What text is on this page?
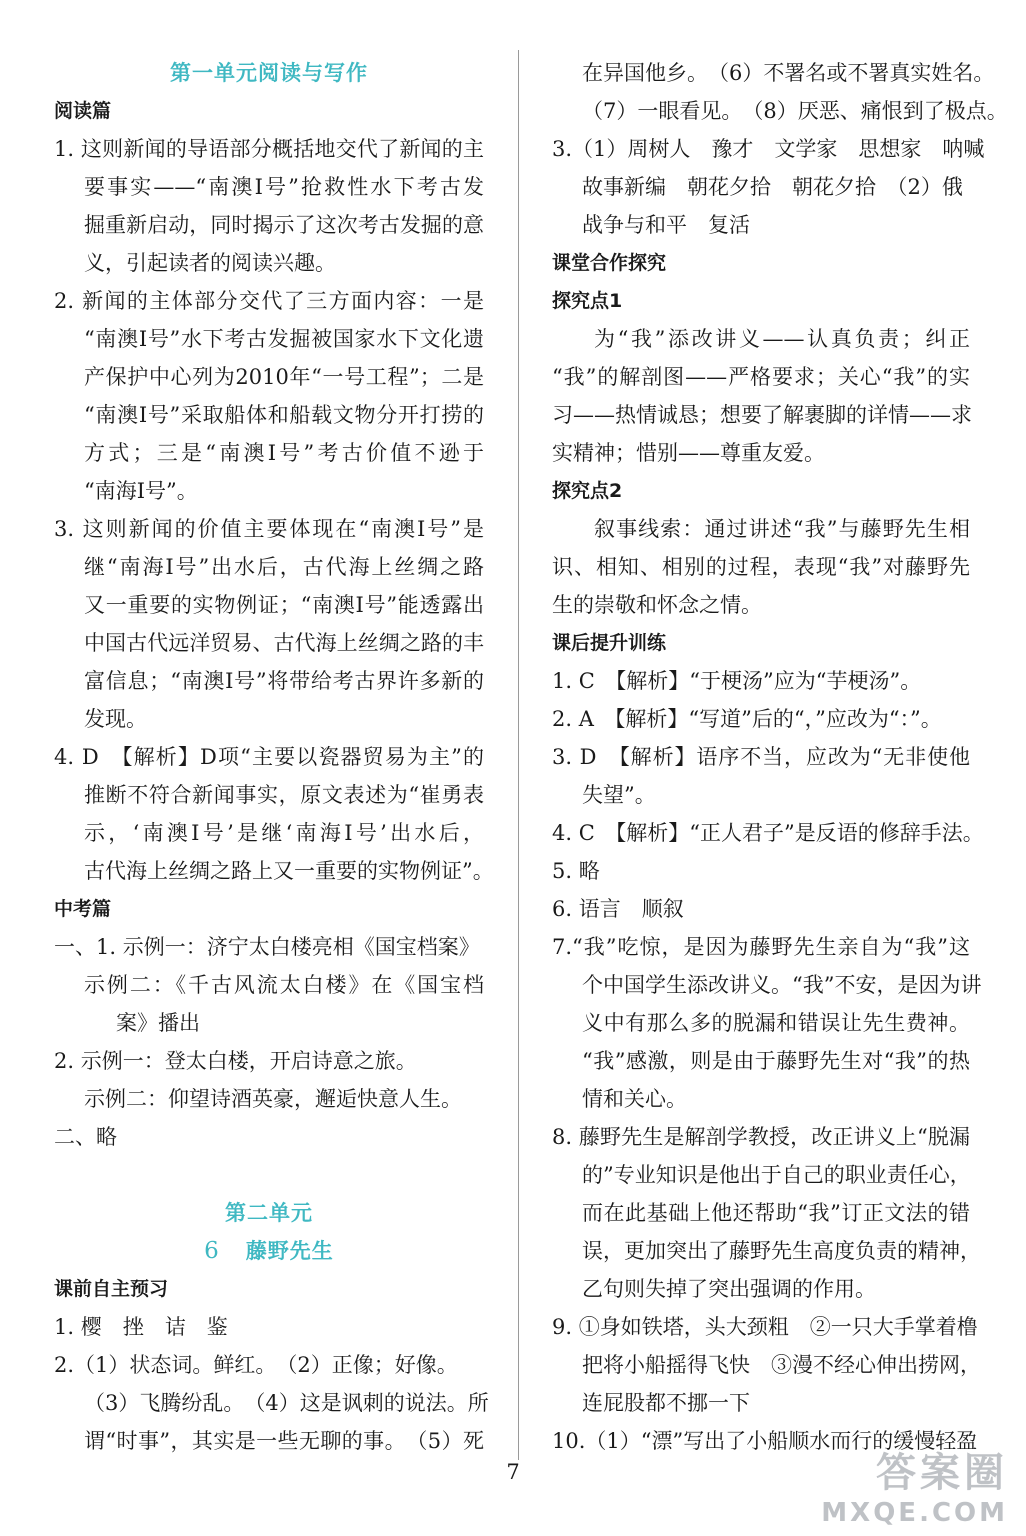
第一单元阅读与写作
阅读篇
1. 这则新闻的导语部分概括地交代了新闻的主
要事实——“南澳Ⅰ号”抢救性水下考古发
掘重新启动，同时揭示了这次考古发掘的意
义，引起读者的阅读兴趣。
2. 新闻的主体部分交代了三方面内容：一是
“南澳Ⅰ号”水下考古发掘被国家水下文化遗
产保护中心列为2010年“一号工程”；二是
“南澳Ⅰ号”采取船体和船载文物分开打捞的
方式；三是“南澳Ⅰ号”考古价值不逊于
“南海Ⅰ号”。
3. 这则新闻的价值主要体现在“南澳Ⅰ号”是
继“南海Ⅰ号”出水后，古代海上丝绸之路
又一重要的实物例证；“南澳Ⅰ号”能透露出
中国古代远洋贸易、古代海上丝绸之路的丰
富信息；“南澳Ⅰ号”将带给考古界许多新的
发现。
4. D　【解析】D项“主要以瓷器贸易为主”的
推断不符合新闻事实，原文表述为“崔勇表
示，‘南澳Ⅰ号’是继‘南海Ⅰ号’出水后，
古代海上丝绸之路上又一重要的实物例证”。
中考篇
一、1. 示例一：济宁太白楼亮相《国宝档案》
示例二：《千古风流太白楼》在《国宝档
案》播出
2. 示例一：登太白楼，开启诗意之旅。
示例二：仰望诗酒英豪，邂逅快意人生。
二、略
第二单元
6 藤野先生
课前自主预习
1. 樱　挫　诘　鉴
2.（1）状态词。鲜红。　（2）正像；好像。
（3）飞腾纷乱。　（4）这是讽刺的说法。所
谓“时事”，其实是一些无聊的事。　（5）死
在异国他乡。　（6）不署名或不署真实姓名。
（7）一眼看见。　（8）厌恶、痛恨到了极点。
3.（1）周树人　豫才　文学家　思想家　呐喊
故事新编　朝花夕拾　朝花夕拾　（2）俄
战争与和平　复活
课堂合作探究
探究点1
为“我”添改讲义——认真负责；纠正
“我”的解剖图——严格要求；关心“我”的实
习——热情诚恳；想要了解裹脚的详情——求
实精神；惜别——尊重友爱。
探究点2
叙事线索：通过讲述“我”与藤野先生相
识、相知、相别的过程，表现“我”对藤野先
生的崇敬和怀念之情。
课后提升训练
1. C　【解析】“于梗汤”应为“芋梗汤”。
2. A　【解析】“写道”后的“，”应改为“：”。
3. D　【解析】语序不当，应改为“无非使他
失望”。
4. C　【解析】“正人君子”是反语的修辞手法。
5. 略
6. 语言　顺叙
7.“我”吃惊，是因为藤野先生亲自为“我”这
个中国学生添改讲义。“我”不安，是因为讲
义中有那么多的脱漏和错误让先生费神。
“我”感激，则是由于藤野先生对“我”的热
情和关心。
8. 藤野先生是解剖学教授，改正讲义上“脱漏
的”专业知识是他出于自己的职业责任心，
而在此基础上他还帮助“我”订正文法的错
误，更加突出了藤野先生高度负责的精神，
乙句则失掉了突出强调的作用。
9. ①身如铁塔，头大颈粗　②一只大手掌着橹
把将小船摇得飞快　③漫不经心伸出捞网，
连屁股都不挪一下
10.（1）“漂”写出了小船顺水而行的缓慢轻盈
7	答案圈
MXQE.COM
